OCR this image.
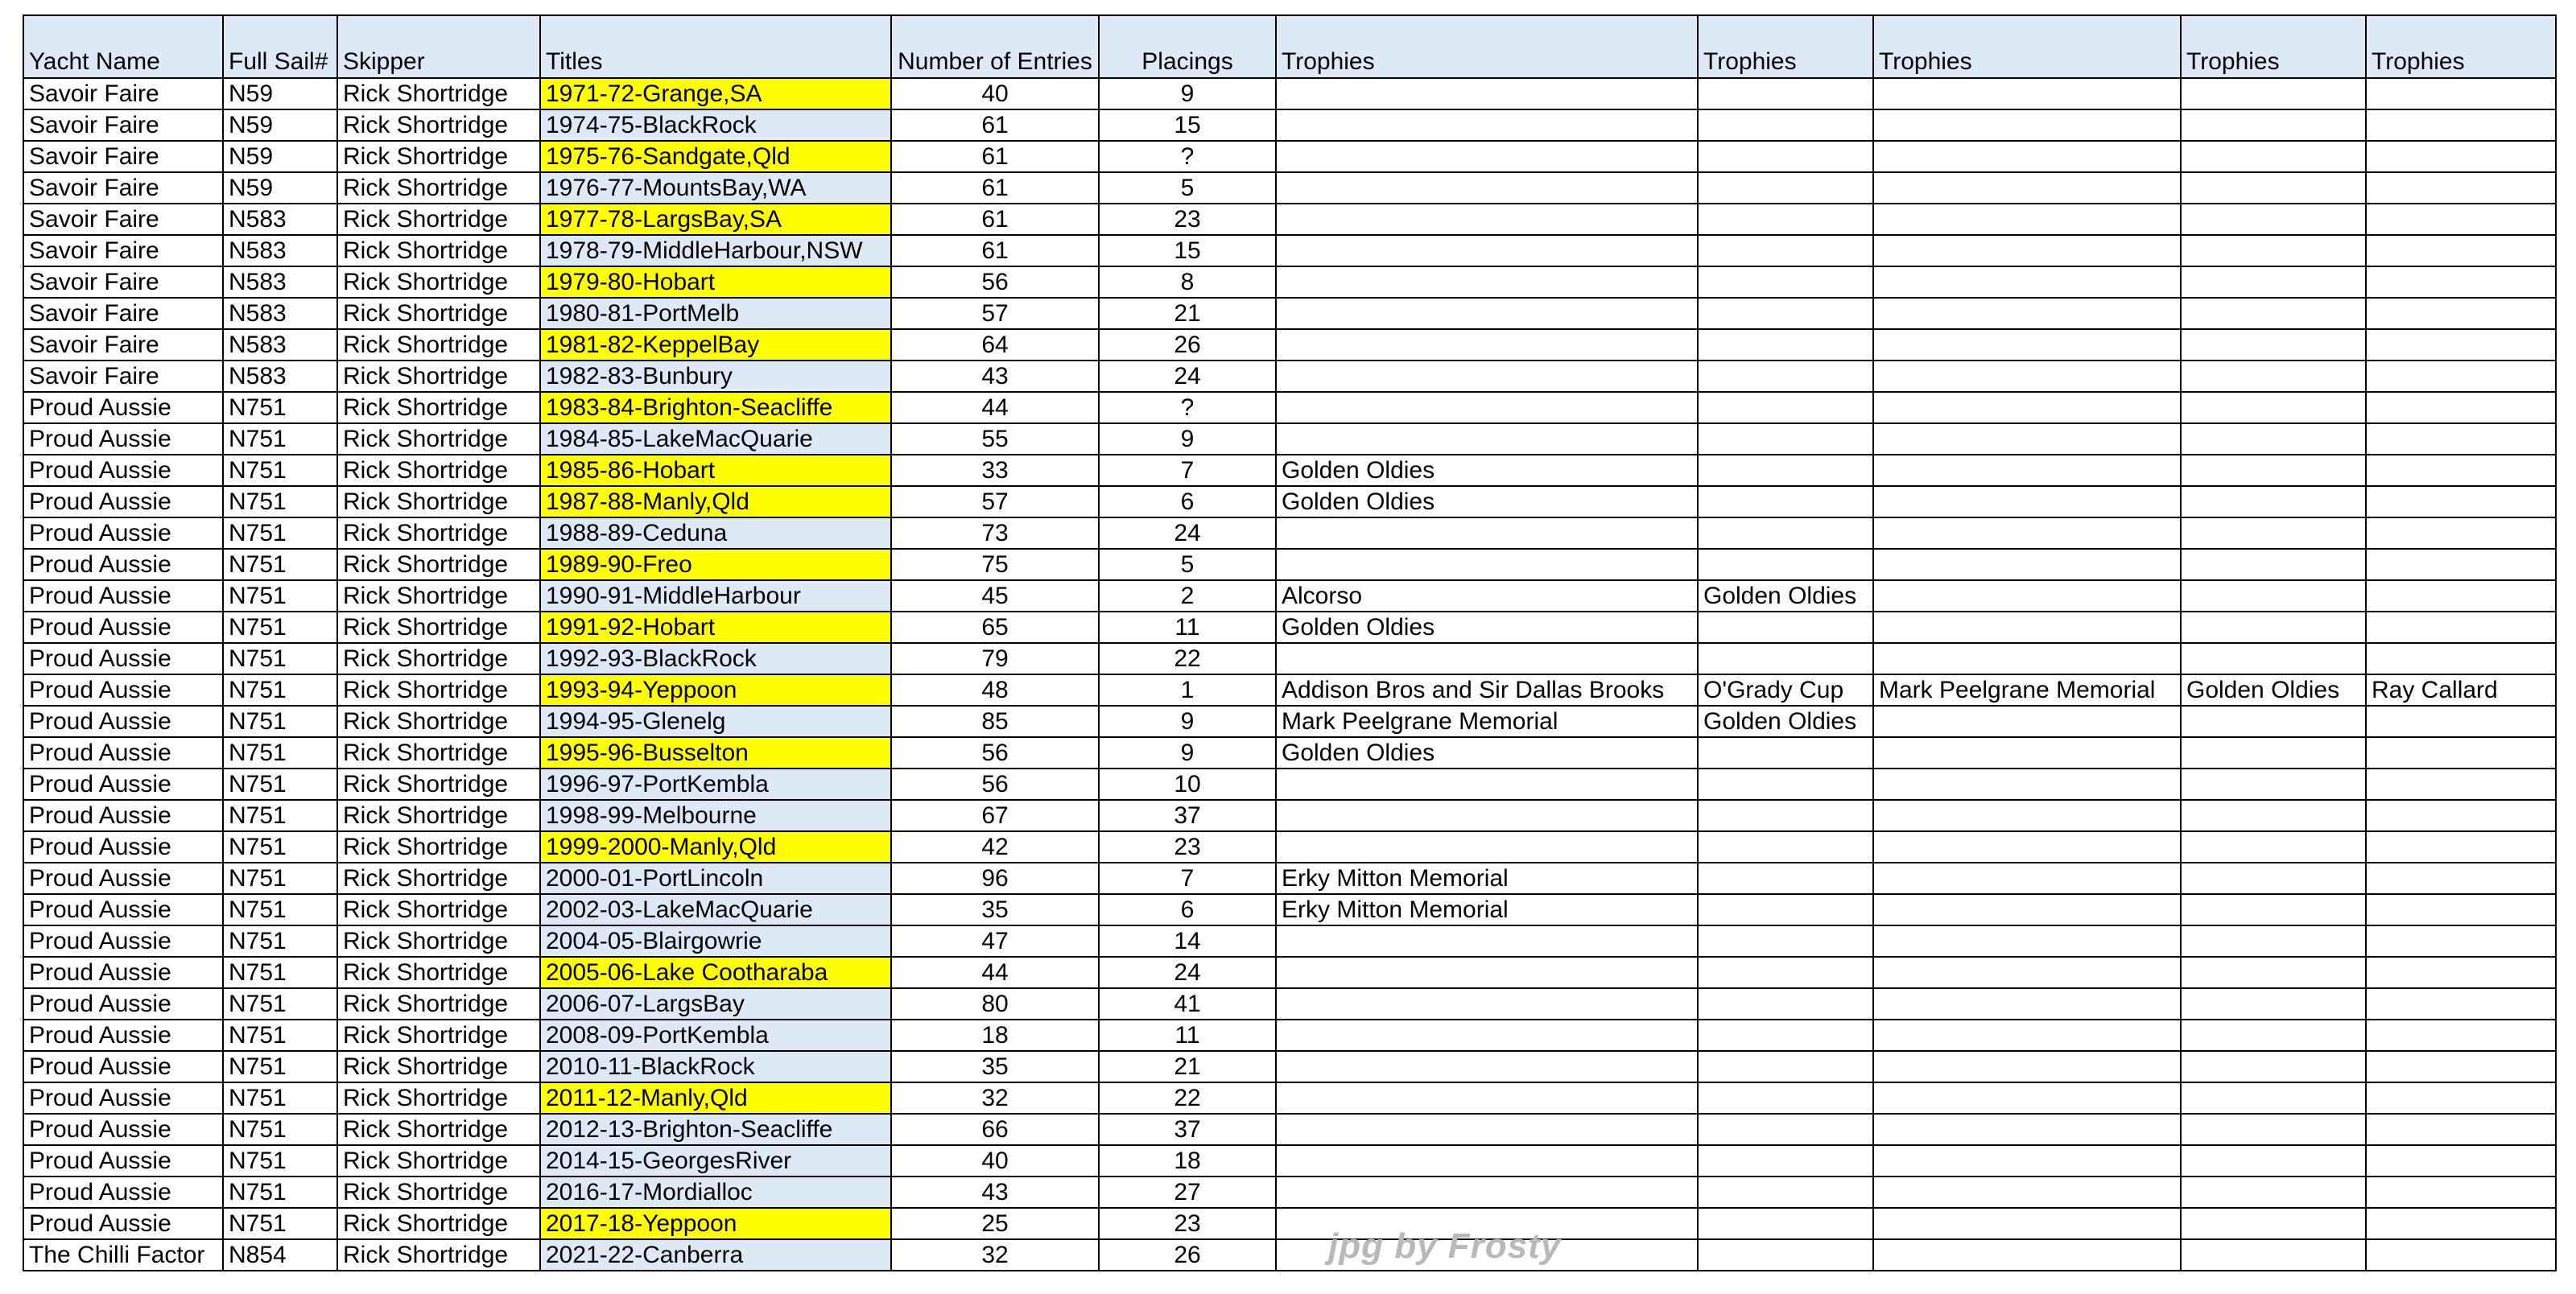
Yacht Name	Full Sail#	Skipper	Titles	Number of Entries	Placings	Trophies	Trophies	Trophies	Trophies	Trophies
Savoir Faire	N59	Rick Shortridge	1971-72-Grange,SA	40	9					
Savoir Faire	N59	Rick Shortridge	1974-75-BlackRock	61	15					
Savoir Faire	N59	Rick Shortridge	1975-76-Sandgate,Qld	61	?					
Savoir Faire	N59	Rick Shortridge	1976-77-MountsBay,WA	61	5					
Savoir Faire	N583	Rick Shortridge	1977-78-LargsBay,SA	61	23					
Savoir Faire	N583	Rick Shortridge	1978-79-MiddleHarbour,NSW	61	15					
Savoir Faire	N583	Rick Shortridge	1979-80-Hobart	56	8					
Savoir Faire	N583	Rick Shortridge	1980-81-PortMelb	57	21					
Savoir Faire	N583	Rick Shortridge	1981-82-KeppelBay	64	26					
Savoir Faire	N583	Rick Shortridge	1982-83-Bunbury	43	24					
Proud Aussie	N751	Rick Shortridge	1983-84-Brighton-Seacliffe	44	?					
Proud Aussie	N751	Rick Shortridge	1984-85-LakeMacQuarie	55	9					
Proud Aussie	N751	Rick Shortridge	1985-86-Hobart	33	7	Golden Oldies				
Proud Aussie	N751	Rick Shortridge	1987-88-Manly,Qld	57	6	Golden Oldies				
Proud Aussie	N751	Rick Shortridge	1988-89-Ceduna	73	24					
Proud Aussie	N751	Rick Shortridge	1989-90-Freo	75	5					
Proud Aussie	N751	Rick Shortridge	1990-91-MiddleHarbour	45	2	Alcorso	Golden Oldies			
Proud Aussie	N751	Rick Shortridge	1991-92-Hobart	65	11	Golden Oldies				
Proud Aussie	N751	Rick Shortridge	1992-93-BlackRock	79	22					
Proud Aussie	N751	Rick Shortridge	1993-94-Yeppoon	48	1	Addison Bros and Sir Dallas Brooks	O'Grady Cup	Mark Peelgrane Memorial	Golden Oldies	Ray Callard
Proud Aussie	N751	Rick Shortridge	1994-95-Glenelg	85	9	Mark Peelgrane Memorial	Golden Oldies			
Proud Aussie	N751	Rick Shortridge	1995-96-Busselton	56	9	Golden Oldies				
Proud Aussie	N751	Rick Shortridge	1996-97-PortKembla	56	10					
Proud Aussie	N751	Rick Shortridge	1998-99-Melbourne	67	37					
Proud Aussie	N751	Rick Shortridge	1999-2000-Manly,Qld	42	23					
Proud Aussie	N751	Rick Shortridge	2000-01-PortLincoln	96	7	Erky Mitton Memorial				
Proud Aussie	N751	Rick Shortridge	2002-03-LakeMacQuarie	35	6	Erky Mitton Memorial				
Proud Aussie	N751	Rick Shortridge	2004-05-Blairgowrie	47	14					
Proud Aussie	N751	Rick Shortridge	2005-06-Lake Cootharaba	44	24					
Proud Aussie	N751	Rick Shortridge	2006-07-LargsBay	80	41					
Proud Aussie	N751	Rick Shortridge	2008-09-PortKembla	18	11					
Proud Aussie	N751	Rick Shortridge	2010-11-BlackRock	35	21					
Proud Aussie	N751	Rick Shortridge	2011-12-Manly,Qld	32	22					
Proud Aussie	N751	Rick Shortridge	2012-13-Brighton-Seacliffe	66	37					
Proud Aussie	N751	Rick Shortridge	2014-15-GeorgesRiver	40	18					
Proud Aussie	N751	Rick Shortridge	2016-17-Mordialloc	43	27					
Proud Aussie	N751	Rick Shortridge	2017-18-Yeppoon	25	23					
The Chilli Factor	N854	Rick Shortridge	2021-22-Canberra	32	26						jpg by Frosty
